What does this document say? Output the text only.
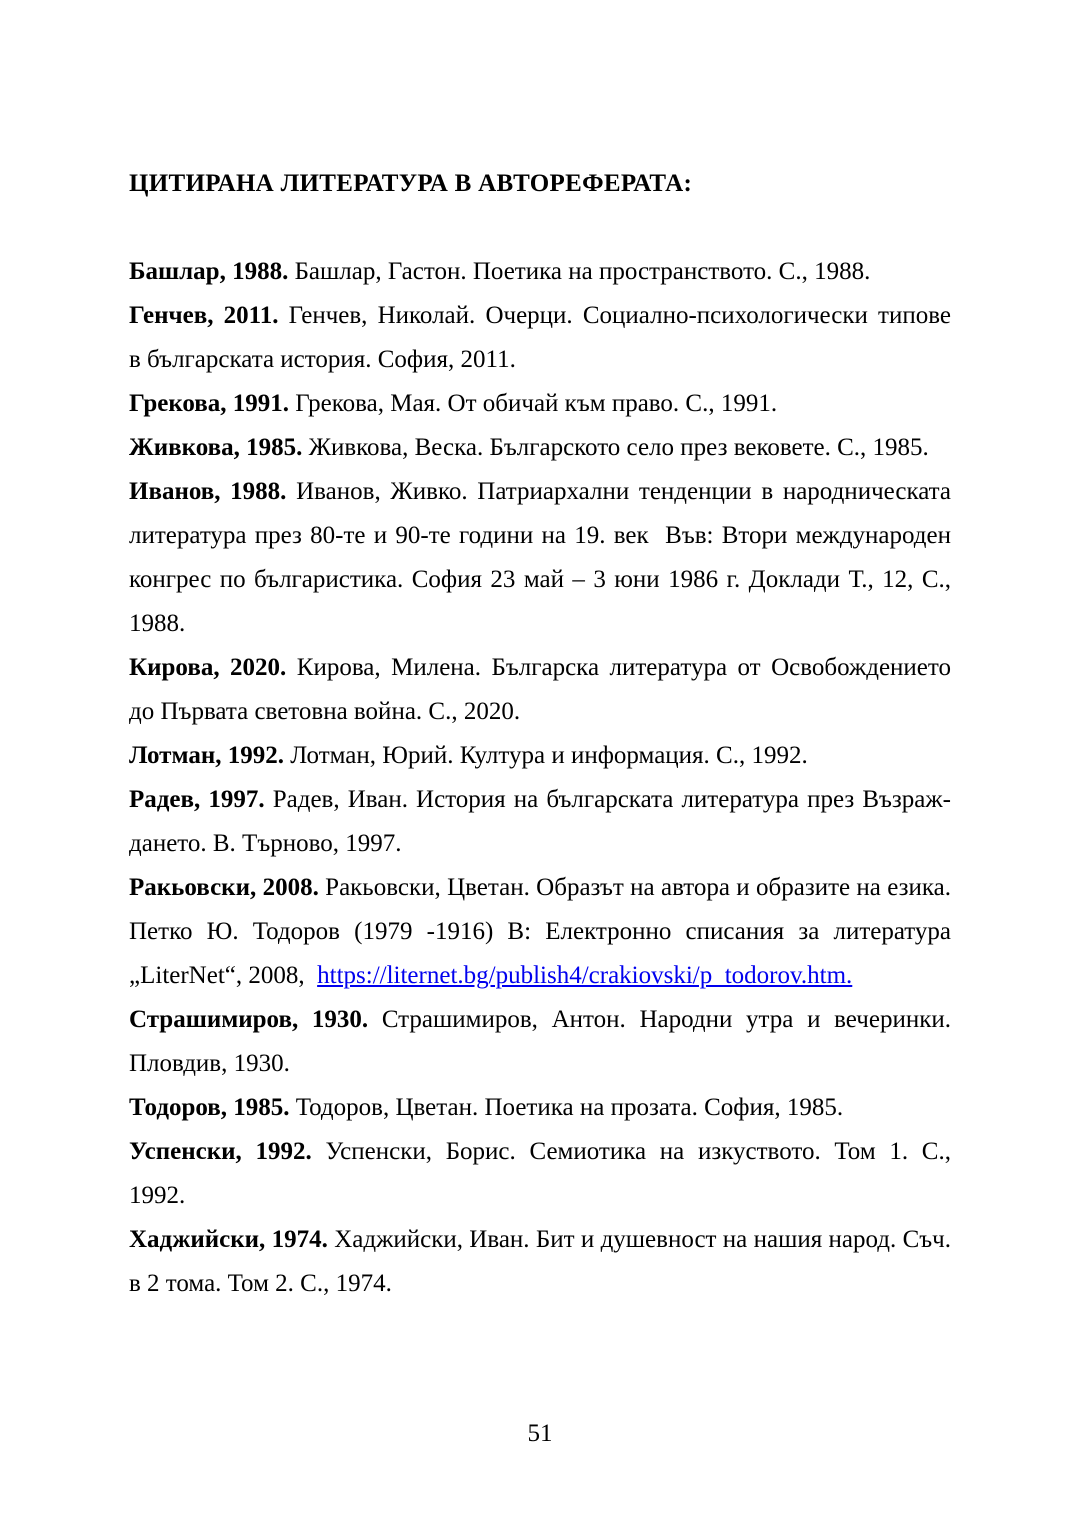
ЦИТИРАНА ЛИТЕРАТУРА В АВТОРЕФЕРАТА:
Башлар, 1988. Башлар, Гастон. Поетика на пространството. С., 1988.
Генчев, 2011. Генчев, Николай. Очерци. Социално-психологически типове
в българската история. София, 2011.
Грекова, 1991. Грекова, Мая. От обичай към право. С., 1991.
Живкова, 1985. Живкова, Веска. Българското село през вековете. С., 1985.
Иванов, 1988. Иванов, Живко. Патриархални тенденции в народническата
литература през 80-те и 90-те години на 19. век  Във: Втори международен
конгрес по българистика. София 23 май – 3 юни 1986 г. Доклади Т., 12, С.,
1988.
Кирова, 2020. Кирова, Милена. Българска литература от Освобождението
до Първата световна война. С., 2020.
Лотман, 1992. Лотман, Юрий. Култура и информация. С., 1992.
Радев, 1997. Радев, Иван. История на българската литература през Възраж-
дането. В. Търново, 1997.
Ракьовски, 2008. Ракьовски, Цветан. Образът на автора и образите на езика.
Петко Ю. Тодоров (1979 -1916) В: Електронно списания за литература
„LiterNet“, 2008,  https://liternet.bg/publish4/crakiovski/p_todorov.htm.
Страшимиров, 1930. Страшимиров, Антон. Народни утра и вечеринки.
Пловдив, 1930.
Тодоров, 1985. Тодоров, Цветан. Поетика на прозата. София, 1985.
Успенски, 1992. Успенски, Борис. Семиотика на изкуството. Том 1. С.,
1992.
Хаджийски, 1974. Хаджийски, Иван. Бит и душевност на нашия народ. Съч.
в 2 тома. Том 2. С., 1974.
51
